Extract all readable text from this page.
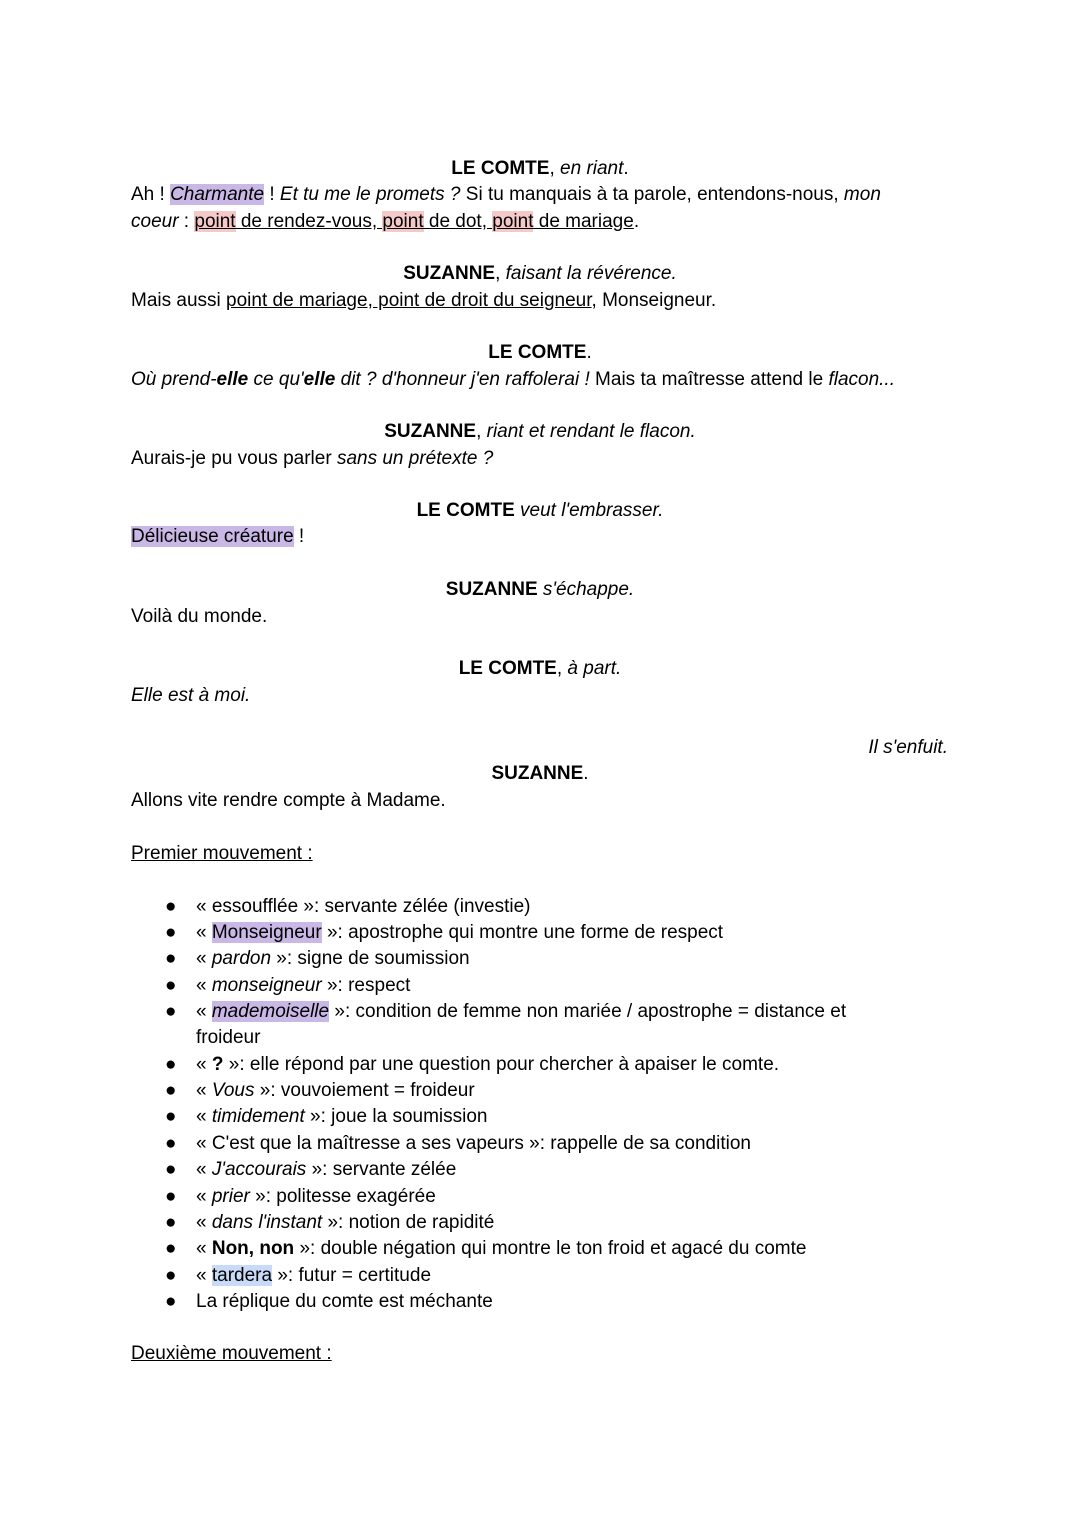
LE COMTE, en riant.
Ah ! Charmante ! Et tu me le promets ? Si tu manquais à ta parole, entendons-nous, mon
coeur : point de rendez-vous, point de dot, point de mariage.
SUZANNE, faisant la révérence.
Mais aussi point de mariage, point de droit du seigneur, Monseigneur.
LE COMTE.
Où prend-elle ce qu'elle dit ? d'honneur j'en raffolerai ! Mais ta maîtresse attend le flacon...
SUZANNE, riant et rendant le flacon.
Aurais-je pu vous parler sans un prétexte ?
LE COMTE veut l'embrasser.
Délicieuse créature !
SUZANNE s'échappe.
Voilà du monde.
LE COMTE, à part.
Elle est à moi.
Il s'enfuit.
SUZANNE.
Allons vite rendre compte à Madame.
Premier mouvement :
● « essoufflée »: servante zélée (investie)
● « Monseigneur »: apostrophe qui montre une forme de respect
● « pardon »: signe de soumission
● « monseigneur »: respect
● « mademoiselle »: condition de femme non mariée / apostrophe = distance et
froideur
● « ? »: elle répond par une question pour chercher à apaiser le comte.
● « Vous »: vouvoiement = froideur
● « timidement »: joue la soumission
● « C'est que la maîtresse a ses vapeurs »: rappelle de sa condition
● « J'accourais »: servante zélée
● « prier »: politesse exagérée
● « dans l'instant »: notion de rapidité
● « Non, non »: double négation qui montre le ton froid et agacé du comte
● « tardera »: futur = certitude
● La réplique du comte est méchante
Deuxième mouvement :
